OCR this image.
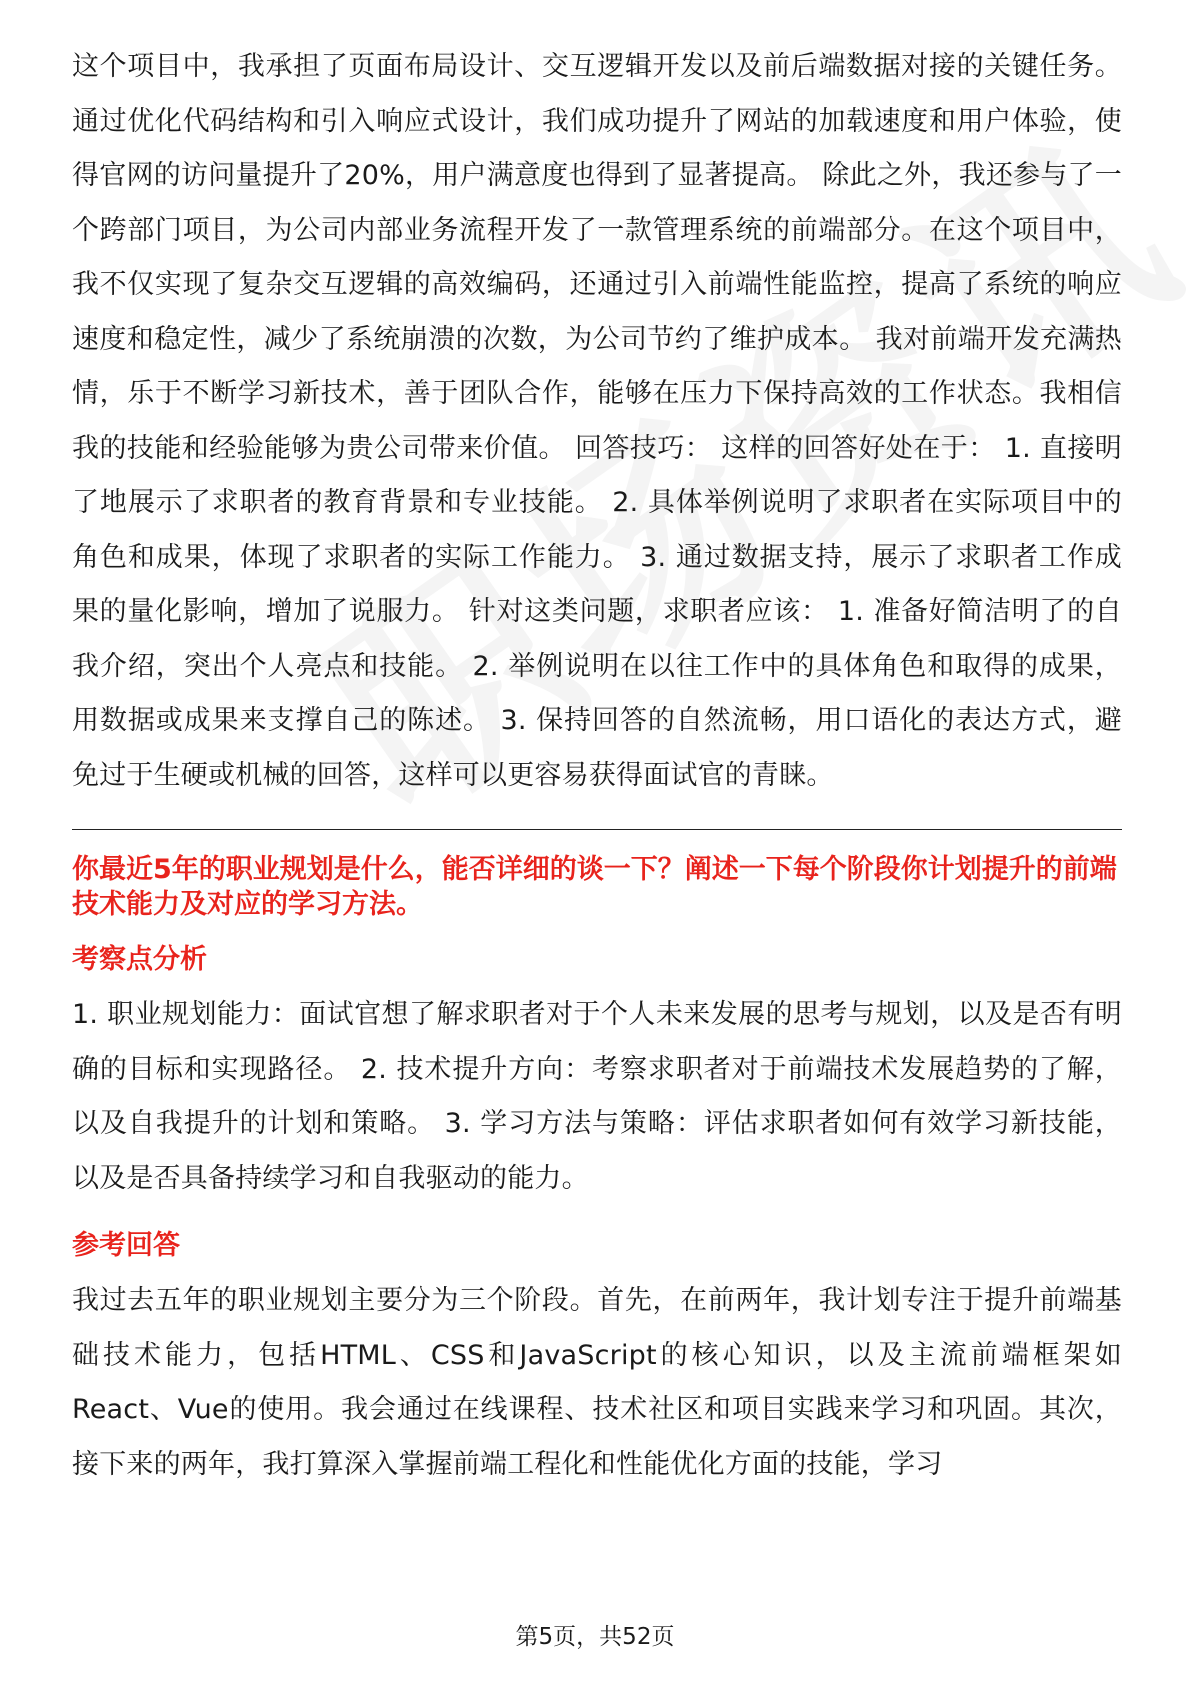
这个项目中，我承担了页面布局设计、交互逻辑开发以及前后端数据对接的关键任务。通过优化代码结构和引入响应式设计，我们成功提升了网站的加载速度和用户体验，使得官网的访问量提升了20%，用户满意度也得到了显著提高。 除此之外，我还参与了一个跨部门项目，为公司内部业务流程开发了一款管理系统的前端部分。在这个项目中，我不仅实现了复杂交互逻辑的高效编码，还通过引入前端性能监控，提高了系统的响应速度和稳定性，减少了系统崩溃的次数，为公司节约了维护成本。 我对前端开发充满热情，乐于不断学习新技术，善于团队合作，能够在压力下保持高效的工作状态。我相信我的技能和经验能够为贵公司带来价值。 回答技巧： 这样的回答好处在于： 1. 直接明了地展示了求职者的教育背景和专业技能。 2. 具体举例说明了求职者在实际项目中的角色和成果，体现了求职者的实际工作能力。 3. 通过数据支持，展示了求职者工作成果的量化影响，增加了说服力。 针对这类问题，求职者应该： 1. 准备好简洁明了的自我介绍，突出个人亮点和技能。 2. 举例说明在以往工作中的具体角色和取得的成果，用数据或成果来支撑自己的陈述。 3. 保持回答的自然流畅，用口语化的表达方式，避免过于生硬或机械的回答，这样可以更容易获得面试官的青睐。

你最近5年的职业规划是什么，能否详细的谈一下？阐述一下每个阶段你计划提升的前端技术能力及对应的学习方法。

考察点分析

1. 职业规划能力：面试官想了解求职者对于个人未来发展的思考与规划，以及是否有明确的目标和实现路径。 2. 技术提升方向：考察求职者对于前端技术发展趋势的了解，以及自我提升的计划和策略。 3. 学习方法与策略：评估求职者如何有效学习新技能，以及是否具备持续学习和自我驱动的能力。

参考回答

我过去五年的职业规划主要分为三个阶段。首先，在前两年，我计划专注于提升前端基础技术能力，包括HTML、CSS和JavaScript的核心知识，以及主流前端框架如React、Vue的使用。我会通过在线课程、技术社区和项目实践来学习和巩固。其次，接下来的两年，我打算深入掌握前端工程化和性能优化方面的技能，学习

第5页，共52页
